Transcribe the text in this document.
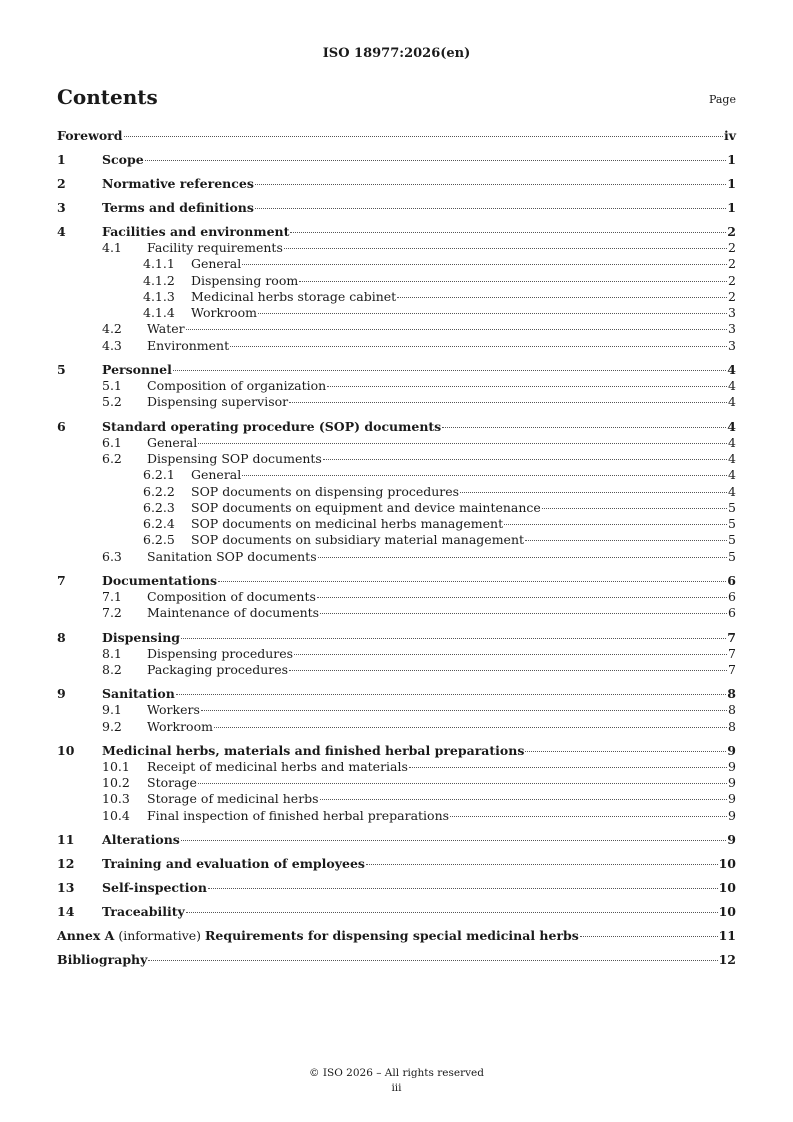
ISO 18977:2026(en)
Contents	Page
Foreword	iv
1	Scope	1
2	Normative references	1
3	Terms and definitions	1
4	Facilities and environment	2
4.1	Facility requirements	2
4.1.1	General	2
4.1.2	Dispensing room	2
4.1.3	Medicinal herbs storage cabinet	2
4.1.4	Workroom	3
4.2	Water	3
4.3	Environment	3
5	Personnel	4
5.1	Composition of organization	4
5.2	Dispensing supervisor	4
6	Standard operating procedure (SOP) documents	4
6.1	General	4
6.2	Dispensing SOP documents	4
6.2.1	General	4
6.2.2	SOP documents on dispensing procedures	4
6.2.3	SOP documents on equipment and device maintenance	5
6.2.4	SOP documents on medicinal herbs management	5
6.2.5	SOP documents on subsidiary material management	5
6.3	Sanitation SOP documents	5
7	Documentations	6
7.1	Composition of documents	6
7.2	Maintenance of documents	6
8	Dispensing	7
8.1	Dispensing procedures	7
8.2	Packaging procedures	7
9	Sanitation	8
9.1	Workers	8
9.2	Workroom	8
10	Medicinal herbs, materials and finished herbal preparations	9
10.1	Receipt of medicinal herbs and materials	9
10.2	Storage	9
10.3	Storage of medicinal herbs	9
10.4	Final inspection of finished herbal preparations	9
11	Alterations	9
12	Training and evaluation of employees	10
13	Self-inspection	10
14	Traceability	10
Annex A (informative) Requirements for dispensing special medicinal herbs	11
Bibliography	12
© ISO 2026 – All rights reserved
iii
